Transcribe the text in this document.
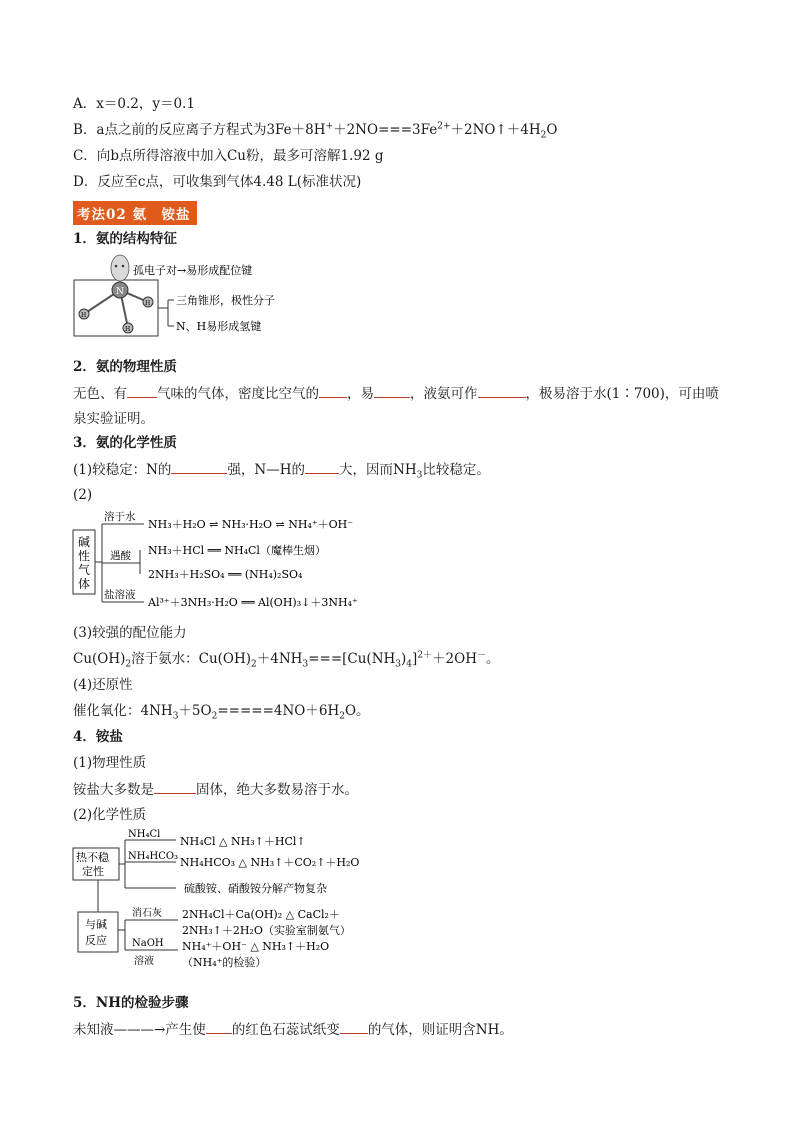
A．x＝0.2，y＝0.1
B．a点之前的反应离子方程式为$3Fe+8H^++2NO===3Fe^{2+}+2NO↑+4H_2O$
C．向b点所得溶液中加入Cu粉，最多可溶解1.92 g
D．反应至c点，可收集到气体4.48 L(标准状况)
考法02 氨　铵盐
1．氨的结构特征
N
H
H
H
孤电子对→易形成配位键
三角锥形，极性分子
N、H易形成氢键
2．氨的物理性质
无色、有 气味的气体，密度比空气的 ，易	，液氨可作	，极易溶于水(1∶700)，可由喷
泉实验证明。
3．氨的化学性质
(1)较稳定：N的	强，N—H的	大，因而$NH_3$比较稳定。
(2)
碱
性
气
体
溶于水
NH₃＋H₂O ⇌ NH₃·H₂O ⇌ NH₄⁺＋OH⁻
遇酸 NH₃＋HCl ══ NH₄Cl（魔棒生烟）
2NH₃＋H₂SO₄ ══ (NH₄)₂SO₄
盐溶液
Al³⁺＋3NH₃·H₂O ══ Al(OH)₃↓＋3NH₄⁺
(3)较强的配位能力
$Cu(OH)_2$溶于氨水：$Cu(OH)_2+4NH_3===[Cu(NH_3)_4]^{2+}+2OH^-$。
(4)还原性
催化氧化：$4NH_3+5O_2=====4NO+6H_2O$。
4．铵盐
(1)物理性质
铵盐大多数是	固体，绝大多数易溶于水。
(2)化学性质
热不稳
定性
NH₄Cl
NH₄Cl △ NH₃↑＋HCl↑
NH₄HCO₃ NH₄HCO₃ △ NH₃↑＋CO₂↑＋H₂O
硫酸铵、硝酸铵分解产物复杂
与碱
反应
消石灰 2NH₄Cl＋Ca(OH)₂ △ CaCl₂＋
2NH₃↑＋2H₂O（实验室制氨气）
NaOH
溶液
NH₄⁺＋OH⁻ △ NH₃↑＋H₂O
（NH₄⁺的检验）
5．NH的检验步骤
未知液———→产生使 的红色石蕊试纸变 的气体，则证明含NH。
